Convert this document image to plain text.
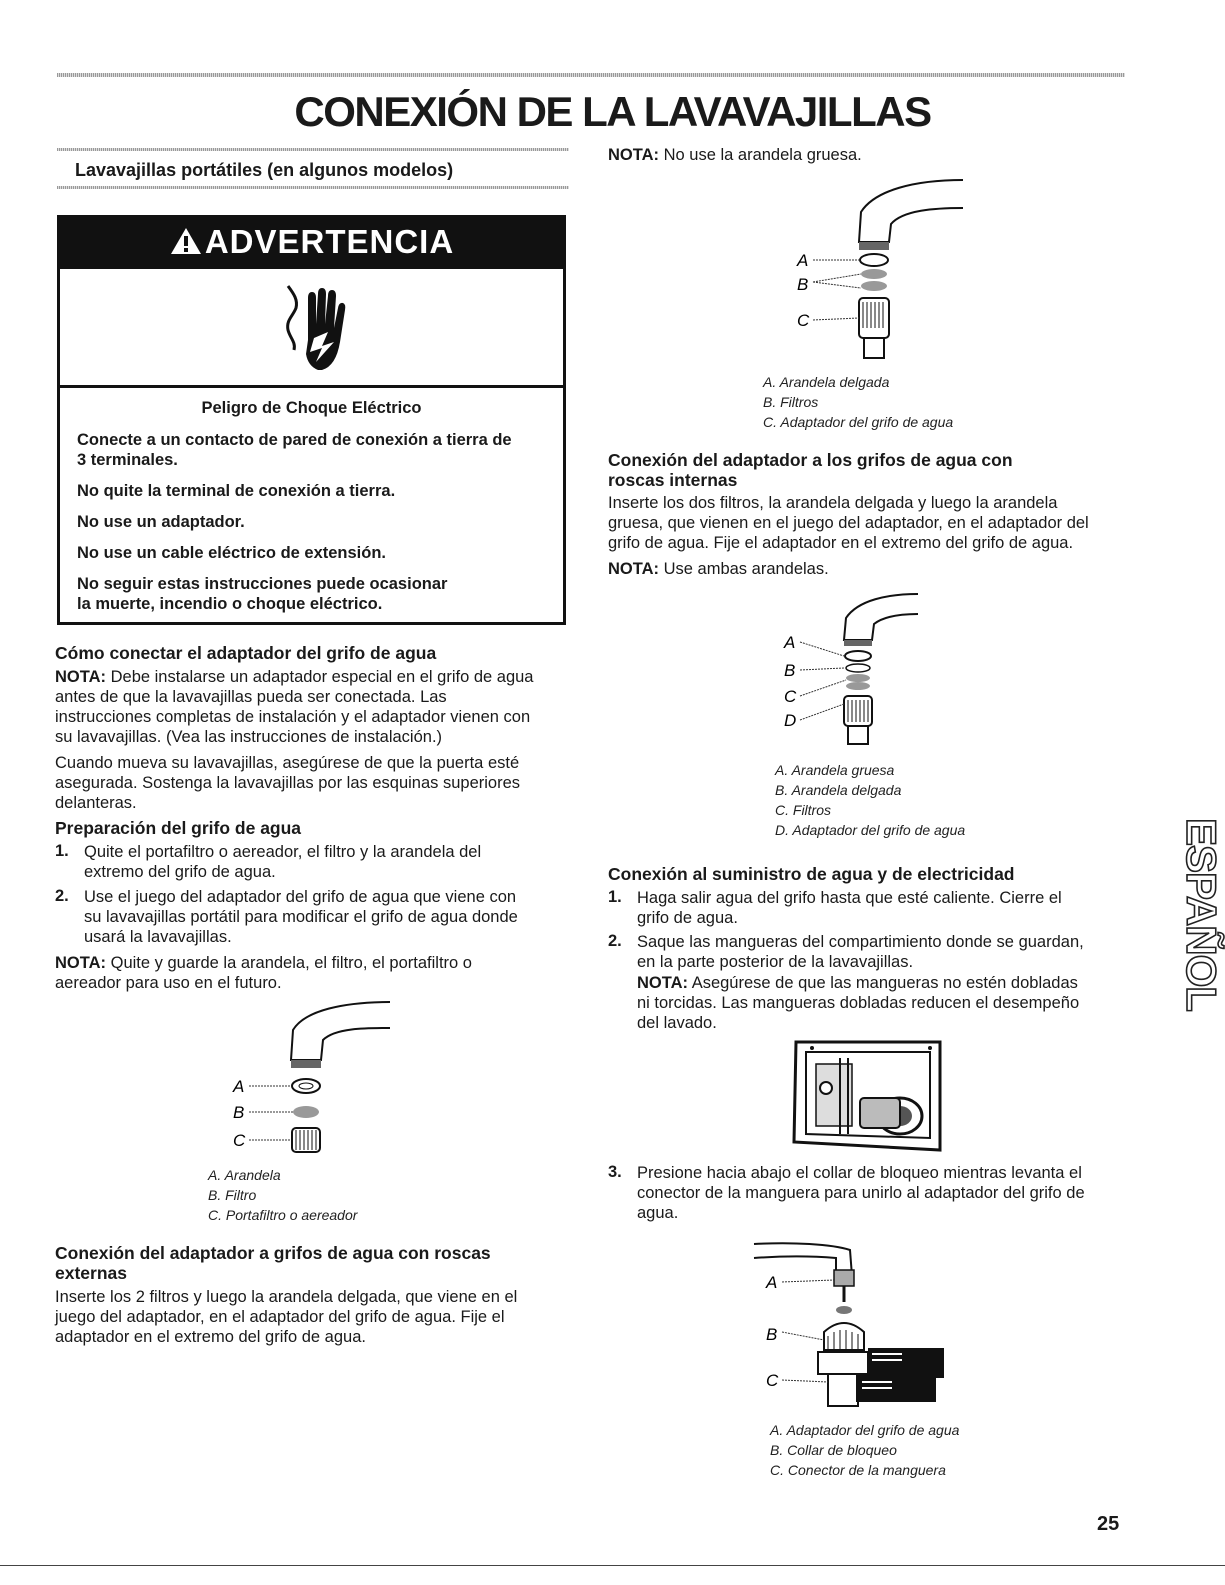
CONEXIÓN DE LA LAVAVAJILLAS
Lavavajillas portátiles (en algunos modelos)
ADVERTENCIA
Peligro de Choque Eléctrico
Conecte a un contacto de pared de conexión a tierra de
3 terminales.
No quite la terminal de conexión a tierra.
No use un adaptador.
No use un cable eléctrico de extensión.
No seguir estas instrucciones puede ocasionar
la muerte, incendio o choque eléctrico.
Cómo conectar el adaptador del grifo de agua
NOTA: Debe instalarse un adaptador especial en el grifo de agua
antes de que la lavavajillas pueda ser conectada. Las
instrucciones completas de instalación y el adaptador vienen con
su lavavajillas. (Vea las instrucciones de instalación.)
Cuando mueva su lavavajillas, asegúrese de que la puerta esté
asegurada. Sostenga la lavavajillas por las esquinas superiores
delanteras.
Preparación del grifo de agua
1. Quite el portafiltro o aereador, el filtro y la arandela del
extremo del grifo de agua.
2. Use el juego del adaptador del grifo de agua que viene con
su lavavajillas portátil para modificar el grifo de agua donde
usará la lavavajillas.
NOTA: Quite y guarde la arandela, el filtro, el portafiltro o
aereador para uso en el futuro.
A
B
C
A. Arandela
B. Filtro
C. Portafiltro o aereador
Conexión del adaptador a grifos de agua con roscas
externas
Inserte los 2 filtros y luego la arandela delgada, que viene en el
juego del adaptador, en el adaptador del grifo de agua. Fije el
adaptador en el extremo del grifo de agua.
NOTA: No use la arandela gruesa.
A
B
C
A. Arandela delgada
B. Filtros
C. Adaptador del grifo de agua
Conexión del adaptador a los grifos de agua con
roscas internas
Inserte los dos filtros, la arandela delgada y luego la arandela
gruesa, que vienen en el juego del adaptador, en el adaptador del
grifo de agua. Fije el adaptador en el extremo del grifo de agua.
NOTA: Use ambas arandelas.
A
B
C
D
A. Arandela gruesa
B. Arandela delgada
C. Filtros
D. Adaptador del grifo de agua
Conexión al suministro de agua y de electricidad
1. Haga salir agua del grifo hasta que esté caliente. Cierre el
grifo de agua.
2. Saque las mangueras del compartimiento donde se guardan,
en la parte posterior de la lavavajillas.
NOTA: Asegúrese de que las mangueras no estén dobladas
ni torcidas. Las mangueras dobladas reducen el desempeño
del lavado.
3. Presione hacia abajo el collar de bloqueo mientras levanta el
conector de la manguera para unirlo al adaptador del grifo de
agua.
A
B
C
A. Adaptador del grifo de agua
B. Collar de bloqueo
C. Conector de la manguera
ESPAÑOL
25
